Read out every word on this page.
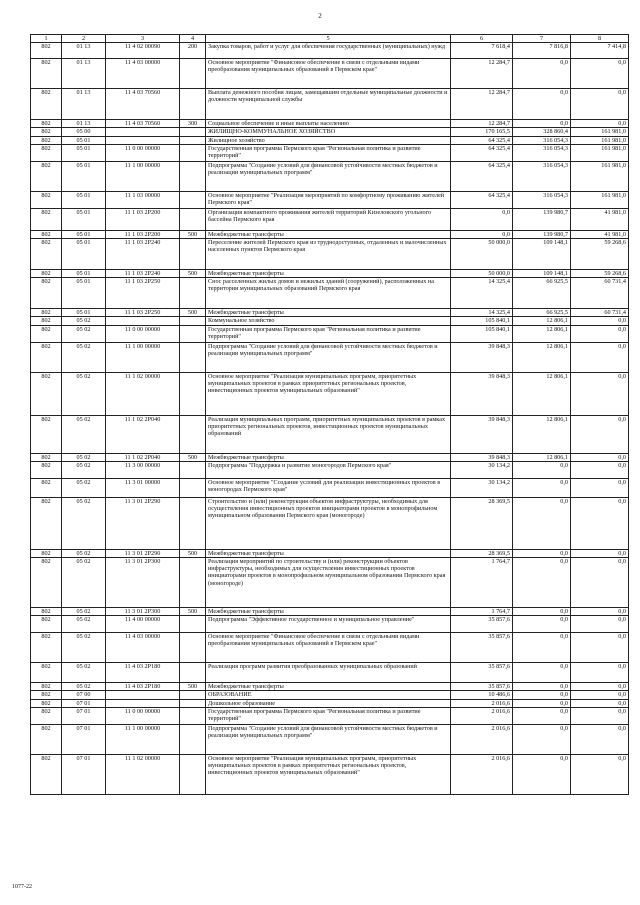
2
1	2	3	4	5	6	7	8
802	01 13	11 4 02 00090	200	Закупка товаров, работ и услуг для обеспечения государственных (муниципальных) нужд	7 618,4	7 816,8	7 414,8
802	01 13	11 4 03 00000		Основное мероприятие "Финансовое обеспечение в связи с отдельными видами преобразования муниципальных образований в Пермском крае"	12 284,7	0,0	0,0
802	01 13	11 4 03 70560		Выплата денежного пособия лицам, замещавшим отдельные муниципальные должности и должности муниципальной службы	12 284,7	0,0	0,0
802	01 13	11 4 03 70560	300	Социальное обеспечение и иные выплаты населению	12 284,7	0,0	0,0
802	05 00			ЖИЛИЩНО-КОММУНАЛЬНОЕ ХОЗЯЙСТВО	170 165,5	328 860,4	161 981,0
802	05 01			Жилищное хозяйство	64 325,4	316 054,3	161 981,0
802	05 01	11 0 00 00000		Государственная программа Пермского края "Региональная политика и развитие территорий"	64 325,4	316 054,3	161 981,0
802	05 01	11 1 00 00000		Подпрограмма "Создание условий для финансовой устойчивости местных бюджетов и реализации муниципальных программ"	64 325,4	316 054,3	161 981,0
802	05 01	11 1 03 00000		Основное мероприятие "Реализация мероприятий по комфортному проживанию жителей Пермского края"	64 325,4	316 054,3	161 981,0
802	05 01	11 1 03 2Р200		Организация компактного проживания жителей территорий Кизеловского угольного бассейна Пермского края	0,0	139 980,7	41 981,0
802	05 01	11 1 03 2Р200	500	Межбюджетные трансферты	0,0	139 980,7	41 981,0
802	05 01	11 1 03 2Р240		Переселение жителей Пермского края из труднодоступных, отдаленных и малочисленных населенных пунктов Пермского края	50 000,0	109 148,1	59 268,6
802	05 01	11 1 03 2Р240	500	Межбюджетные трансферты	50 000,0	109 148,1	59 268,6
802	05 01	11 1 03 2Р250		Снос расселенных жилых домов и нежилых зданий (сооружений), расположенных на территории муниципальных образований Пермского края	14 325,4	66 925,5	60 731,4
802	05 01	11 1 03 2Р250	500	Межбюджетные трансферты	14 325,4	66 925,5	60 731,4
802	05 02			Коммунальное хозяйство	105 840,1	12 806,1	0,0
802	05 02	11 0 00 00000		Государственная программа Пермского края "Региональная политика и развитие территорий"	105 840,1	12 806,1	0,0
802	05 02	11 1 00 00000		Подпрограмма "Создание условий для финансовой устойчивости местных бюджетов и реализации муниципальных программ"	39 848,3	12 806,1	0,0
802	05 02	11 1 02 00000		Основное мероприятие "Реализация муниципальных программ, приоритетных муниципальных проектов в рамках приоритетных региональных проектов, инвестиционных проектов муниципальных образований"	39 848,3	12 806,1	0,0
802	05 02	11 1 02 2Р040		Реализация муниципальных программ, приоритетных муниципальных проектов в рамках приоритетных региональных проектов, инвестиционных проектов муниципальных образований	39 848,3	12 806,1	0,0
802	05 02	11 1 02 2Р040	500	Межбюджетные трансферты	39 848,3	12 806,1	0,0
802	05 02	11 3 00 00000		Подпрограмма "Поддержка и развитие моногородов Пермского края"	30 134,2	0,0	0,0
802	05 02	11 3 01 00000		Основное мероприятие "Создание условий для реализации инвестиционных проектов в моногородах Пермского края"	30 134,2	0,0	0,0
802	05 02	11 3 01 2Р290		Строительство и (или) реконструкция объектов инфраструктуры, необходимых для осуществления инвестиционных проектов инициаторами проектов в монопрофильном муниципальном образовании Пермского края (моногороде)	28 369,5	0,0	0,0
802	05 02	11 3 01 2Р290	500	Межбюджетные трансферты	28 369,5	0,0	0,0
802	05 02	11 3 01 2Р300		Реализация мероприятий по строительству и (или) реконструкции объектов инфраструктуры, необходимых для осуществления инвестиционных проектов инициаторами проектов в монопрофильном муниципальном образовании Пермского края (моногороде)	1 764,7	0,0	0,0
802	05 02	11 3 01 2Р300	500	Межбюджетные трансферты	1 764,7	0,0	0,0
802	05 02	11 4 00 00000		Подпрограмма "Эффективное государственное и муниципальное управление"	35 857,6	0,0	0,0
802	05 02	11 4 03 00000		Основное мероприятие "Финансовое обеспечение в связи с отдельными видами преобразования муниципальных образований в Пермском крае"	35 857,6	0,0	0,0
802	05 02	11 4 03 2Р180		Реализация программ развития преобразованных муниципальных образований	35 857,6	0,0	0,0
802	05 02	11 4 03 2Р180	500	Межбюджетные трансферты	35 857,6	0,0	0,0
802	07 00			ОБРАЗОВАНИЕ	10 486,6	0,0	0,0
802	07 01			Дошкольное образование	2 016,6	0,0	0,0
802	07 01	11 0 00 00000		Государственная программа Пермского края "Региональная политика и развитие территорий"	2 016,6	0,0	0,0
802	07 01	11 1 00 00000		Подпрограмма "Создание условий для финансовой устойчивости местных бюджетов и реализации муниципальных программ"	2 016,6	0,0	0,0
802	07 01	11 1 02 00000		Основное мероприятие "Реализация муниципальных программ, приоритетных муниципальных проектов в рамках приоритетных региональных проектов, инвестиционных проектов муниципальных образований"	2 016,6	0,0	0,0
1077-22
